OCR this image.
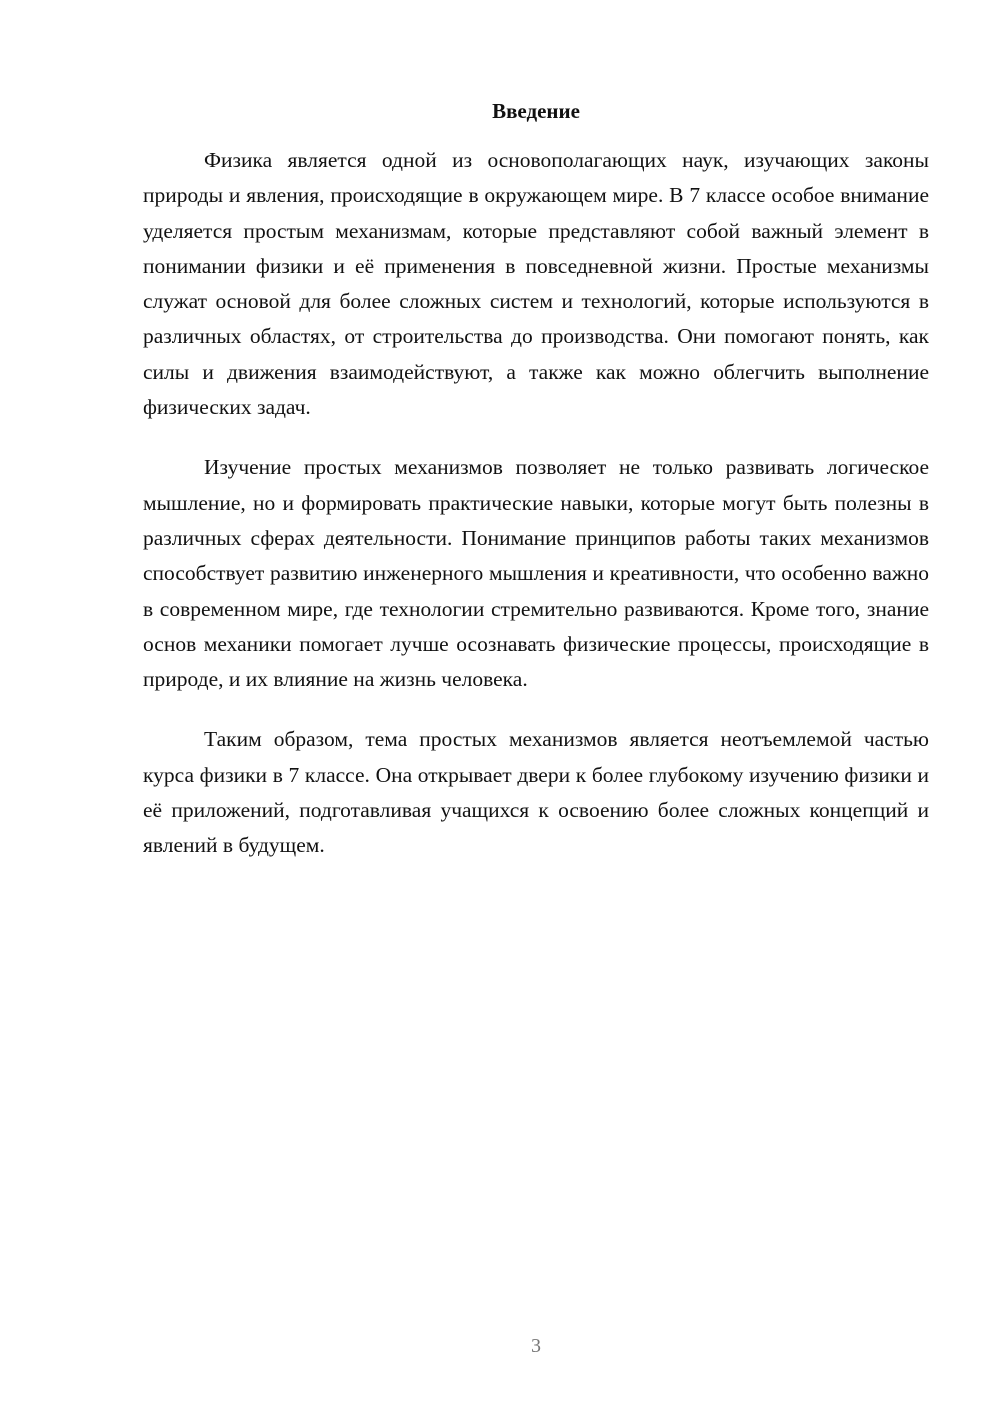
Введение

Физика является одной из основополагающих наук, изучающих законы природы и явления, происходящие в окружающем мире. В 7 классе особое внимание уделяется простым механизмам, которые представляют собой важный элемент в понимании физики и её применения в повседневной жизни. Простые механизмы служат основой для более сложных систем и технологий, которые используются в различных областях, от строительства до производства. Они помогают понять, как силы и движения взаимодействуют, а также как можно облегчить выполнение физических задач.

Изучение простых механизмов позволяет не только развивать логическое мышление, но и формировать практические навыки, которые могут быть полезны в различных сферах деятельности. Понимание принципов работы таких механизмов способствует развитию инженерного мышления и креативности, что особенно важно в современном мире, где технологии стремительно развиваются. Кроме того, знание основ механики помогает лучше осознавать физические процессы, происходящие в природе, и их влияние на жизнь человека.

Таким образом, тема простых механизмов является неотъемлемой частью курса физики в 7 классе. Она открывает двери к более глубокому изучению физики и её приложений, подготавливая учащихся к освоению более сложных концепций и явлений в будущем.

3
